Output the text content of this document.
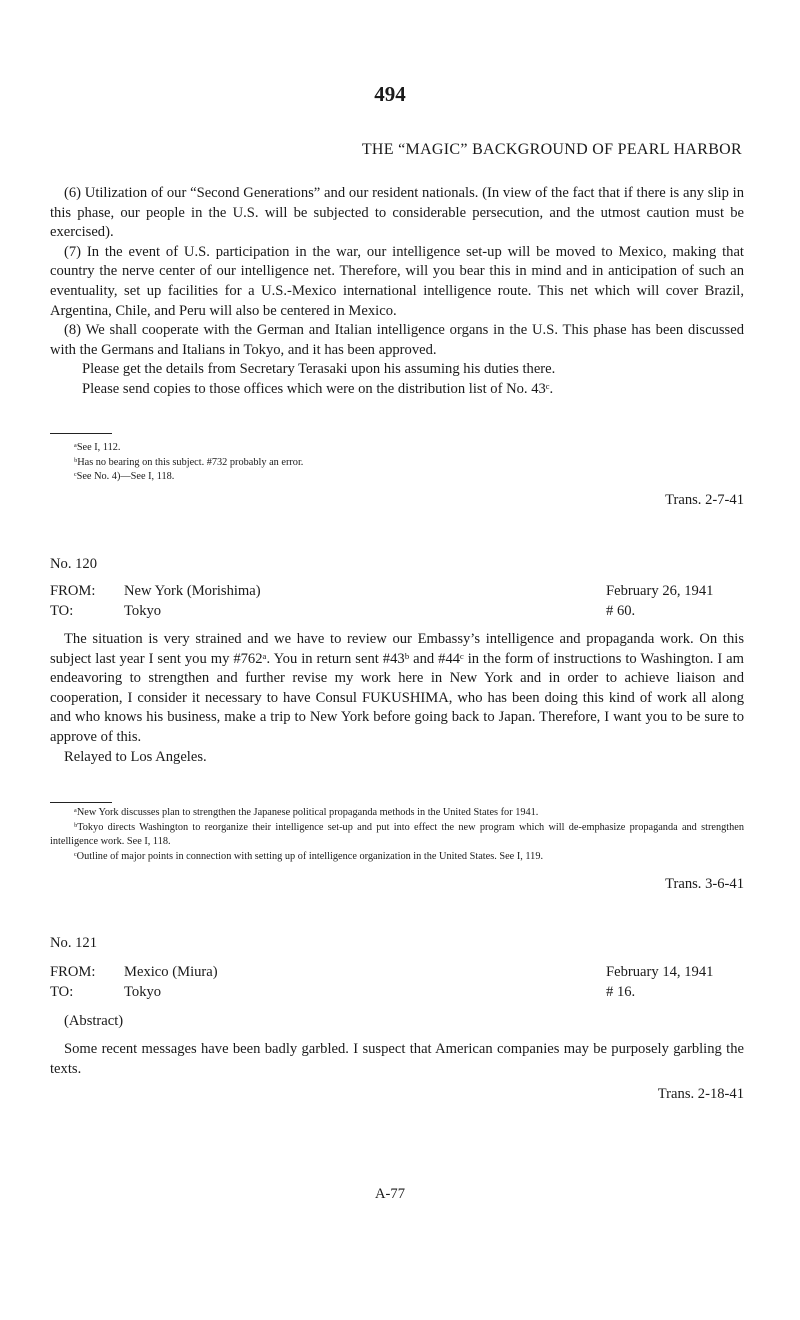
494
THE “MAGIC” BACKGROUND OF PEARL HARBOR

(6) Utilization of our “Second Generations” and our resident nationals. (In view of the fact that if there is any slip in this phase, our people in the U.S. will be subjected to considerable persecution, and the utmost caution must be exercised).

(7) In the event of U.S. participation in the war, our intelligence set-up will be moved to Mexico, making that country the nerve center of our intelligence net. Therefore, will you bear this in mind and in anticipation of such an eventuality, set up facilities for a U.S.-Mexico international intelligence route. This net which will cover Brazil, Argentina, Chile, and Peru will also be centered in Mexico.

(8) We shall cooperate with the German and Italian intelligence organs in the U.S. This phase has been discussed with the Germans and Italians in Tokyo, and it has been approved.

Please get the details from Secretary Terasaki upon his assuming his duties there.

Please send copies to those offices which were on the distribution list of No. 43ᶜ.

ᵃSee I, 112.

ᵇHas no bearing on this subject. #732 probably an error.

ᶜSee No. 4)—See I, 118.

Trans. 2-7-41
No. 120
FROM:	New York (Morishima)	February 26, 1941
TO:	Tokyo	# 60.

The situation is very strained and we have to review our Embassy’s intelligence and propaganda work. On this subject last year I sent you my #762ᵃ. You in return sent #43ᵇ and #44ᶜ in the form of instructions to Washington. I am endeavoring to strengthen and further revise my work here in New York and in order to achieve liaison and cooperation, I consider it necessary to have Consul FUKUSHIMA, who has been doing this kind of work all along and who knows his business, make a trip to New York before going back to Japan. Therefore, I want you to be sure to approve of this.

Relayed to Los Angeles.

ᵃNew York discusses plan to strengthen the Japanese political propaganda methods in the United States for 1941.

ᵇTokyo directs Washington to reorganize their intelligence set-up and put into effect the new program which will de-emphasize propaganda and strengthen intelligence work. See I, 118.

ᶜOutline of major points in connection with setting up of intelligence organization in the United States. See I, 119.

Trans. 3-6-41
No. 121
FROM:	Mexico (Miura)	February 14, 1941
TO:	Tokyo	# 16.
(Abstract)

Some recent messages have been badly garbled. I suspect that American companies may be purposely garbling the texts.

Trans. 2-18-41
A-77
